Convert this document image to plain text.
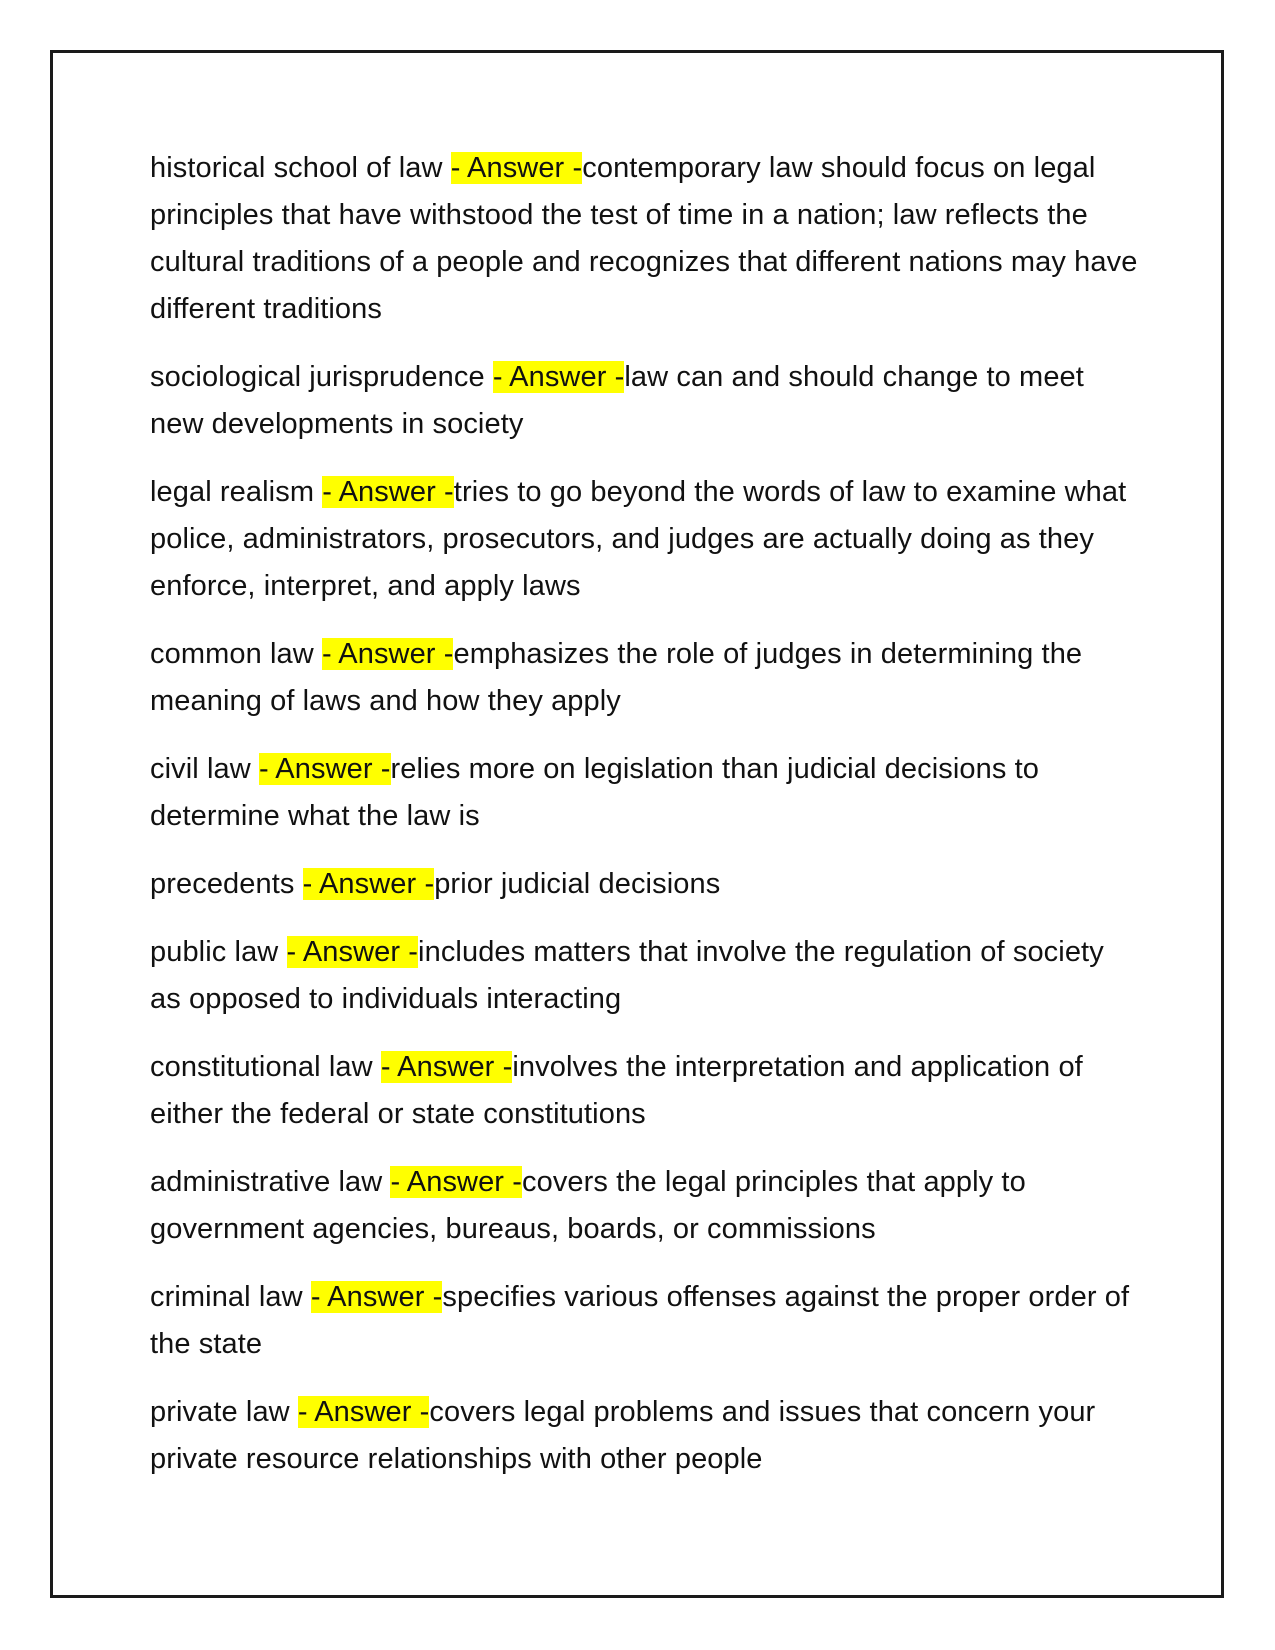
historical school of law - Answer -contemporary law should focus on legal principles that have withstood the test of time in a nation; law reflects the cultural traditions of a people and recognizes that different nations may have different traditions

sociological jurisprudence - Answer -law can and should change to meet new developments in society

legal realism - Answer -tries to go beyond the words of law to examine what police, administrators, prosecutors, and judges are actually doing as they enforce, interpret, and apply laws

common law - Answer -emphasizes the role of judges in determining the meaning of laws and how they apply

civil law - Answer -relies more on legislation than judicial decisions to determine what the law is

precedents - Answer -prior judicial decisions

public law - Answer -includes matters that involve the regulation of society as opposed to individuals interacting

constitutional law - Answer -involves the interpretation and application of either the federal or state constitutions

administrative law - Answer -covers the legal principles that apply to government agencies, bureaus, boards, or commissions

criminal law - Answer -specifies various offenses against the proper order of the state

private law - Answer -covers legal problems and issues that concern your private resource relationships with other people
